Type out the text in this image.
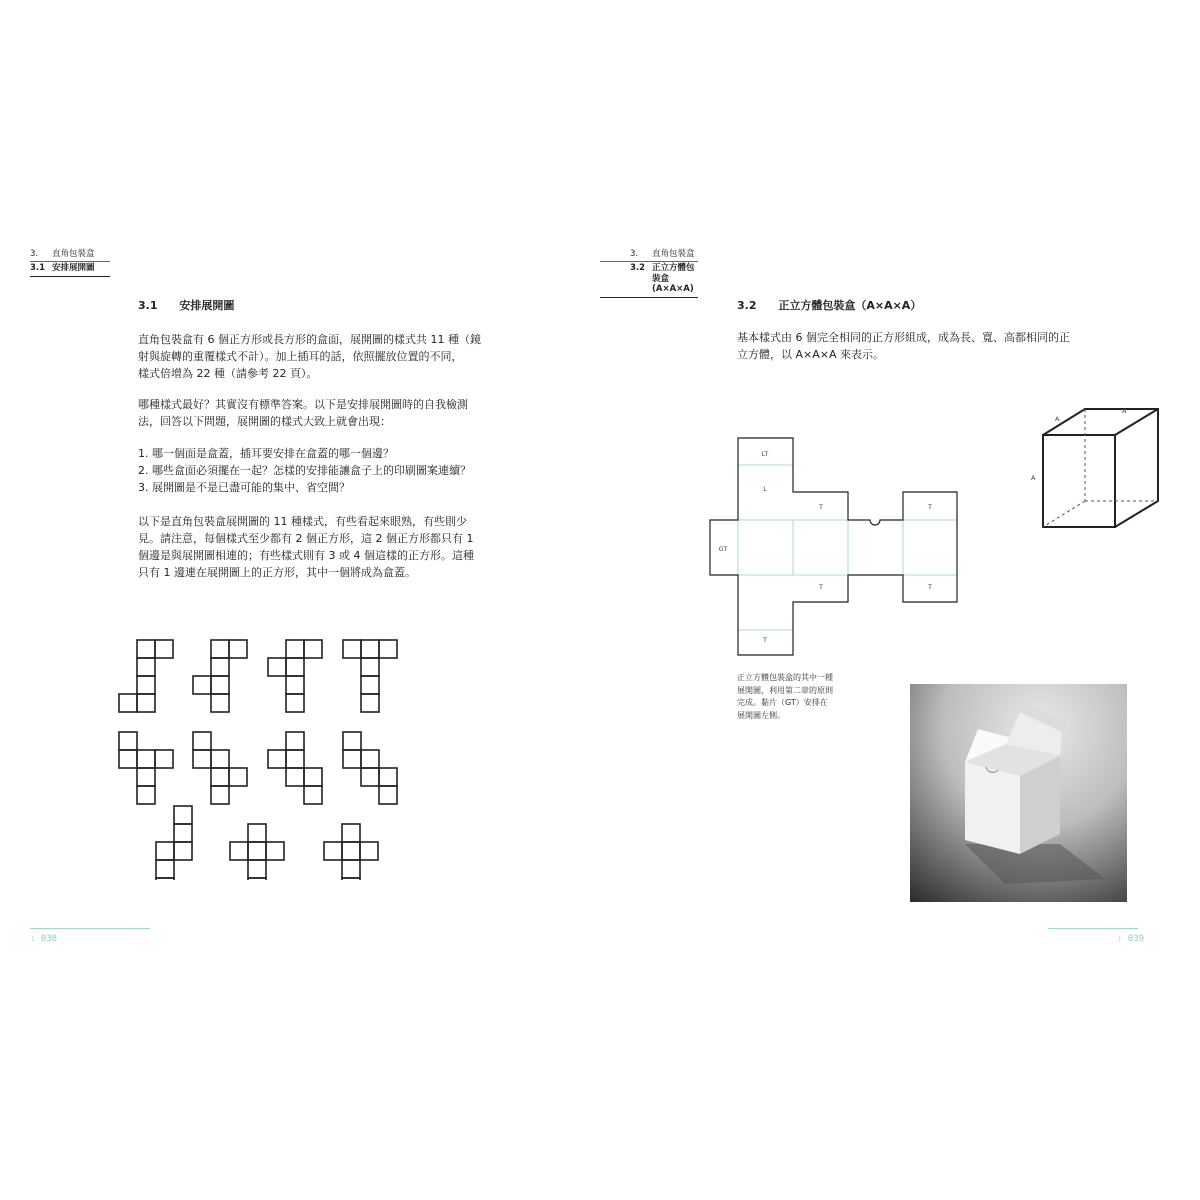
3. 直角包裝盒
3.1 安排展開圖
3.1 安排展開圖
直角包裝盒有 6 個正方形或長方形的盒面，展開圖的樣式共 11 種（鏡
射與旋轉的重覆樣式不計）。加上插耳的話，依照擺放位置的不同，
樣式倍增為 22 種（請參考 22 頁）。
哪種樣式最好？其實沒有標準答案。以下是安排展開圖時的自我檢測
法，回答以下問題，展開圖的樣式大致上就會出現：
1. 哪一個面是盒蓋，插耳要安排在盒蓋的哪一個邊？
2. 哪些盒面必須擺在一起？怎樣的安排能讓盒子上的印刷圖案連續？
3. 展開圖是不是已盡可能的集中、省空間？
以下是直角包裝盒展開圖的 11 種樣式，有些看起來眼熟，有些則少
見。請注意，每個樣式至少都有 2 個正方形，這 2 個正方形都只有 1
個邊是與展開圖相連的；有些樣式則有 3 或 4 個這樣的正方形。這種
只有 1 邊連在展開圖上的正方形，其中一個將成為盒蓋。
: 038
3. 直角包裝盒
3.2 正立方體包
裝盒
(A×A×A)
3.2 正立方體包裝盒（A×A×A）
基本樣式由 6 個完全相同的正方形組成，成為長、寬、高都相同的正
立方體，以 A×A×A 來表示。
LT
L
T	T
GT
T	T
T
A
A
A
正立方體包裝盒的其中一種
展開圖，利用第二章的原則
完成。黏片（GT）安排在
展開圖左側。
: 039
